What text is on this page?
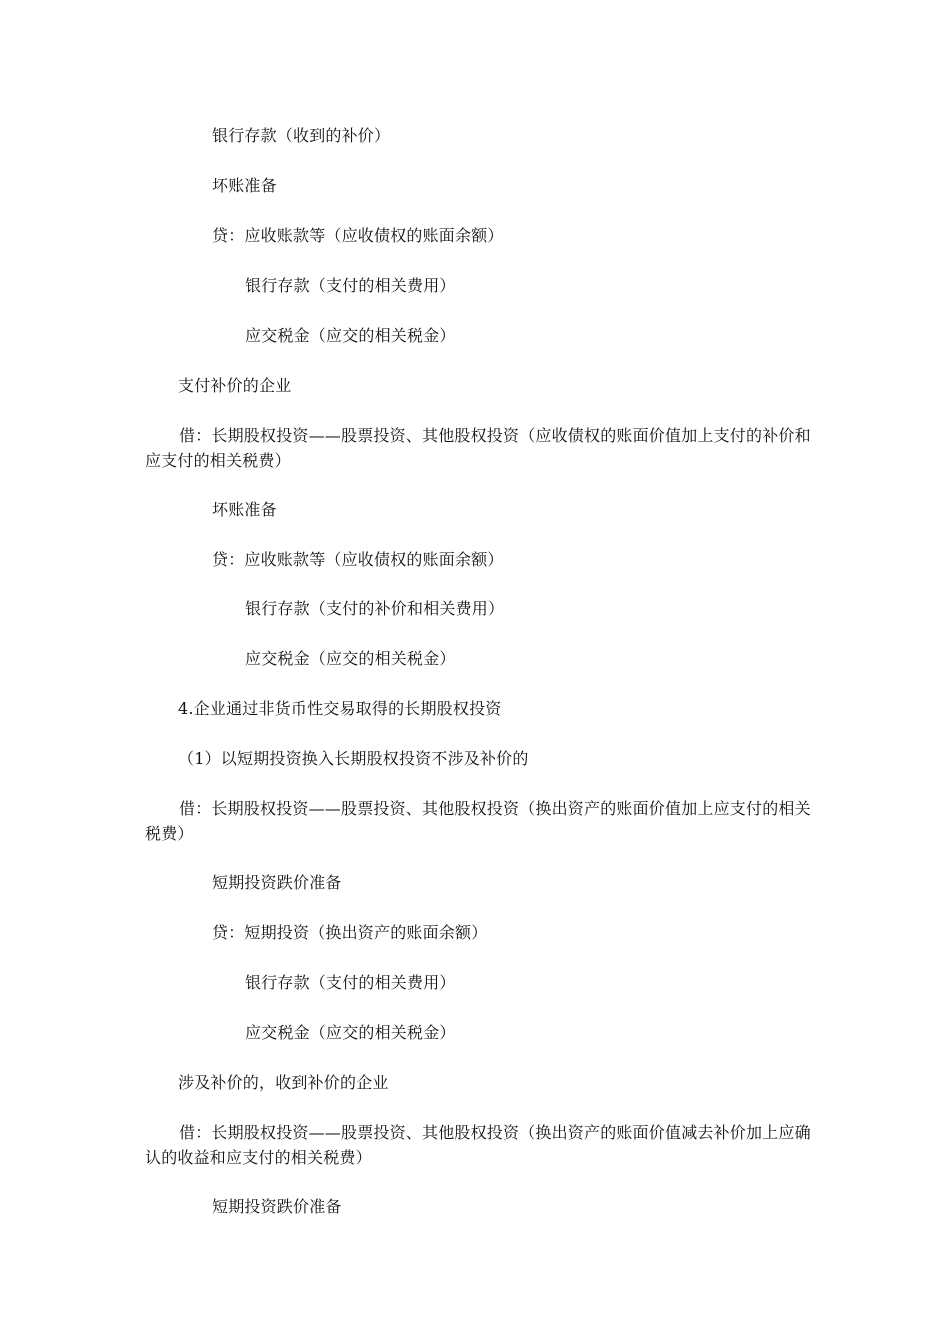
银行存款（收到的补价）
坏账准备
贷：应收账款等（应收债权的账面余额）
银行存款（支付的相关费用）
应交税金（应交的相关税金）
支付补价的企业
借：长期股权投资——股票投资、其他股权投资（应收债权的账面价值加上支付的补价和应支付的相关税费）
坏账准备
贷：应收账款等（应收债权的账面余额）
银行存款（支付的补价和相关费用）
应交税金（应交的相关税金）
4.企业通过非货币性交易取得的长期股权投资
（1）以短期投资换入长期股权投资不涉及补价的
借：长期股权投资——股票投资、其他股权投资（换出资产的账面价值加上应支付的相关税费）
短期投资跌价准备
贷：短期投资（换出资产的账面余额）
银行存款（支付的相关费用）
应交税金（应交的相关税金）
涉及补价的，收到补价的企业
借：长期股权投资——股票投资、其他股权投资（换出资产的账面价值减去补价加上应确认的收益和应支付的相关税费）
短期投资跌价准备
